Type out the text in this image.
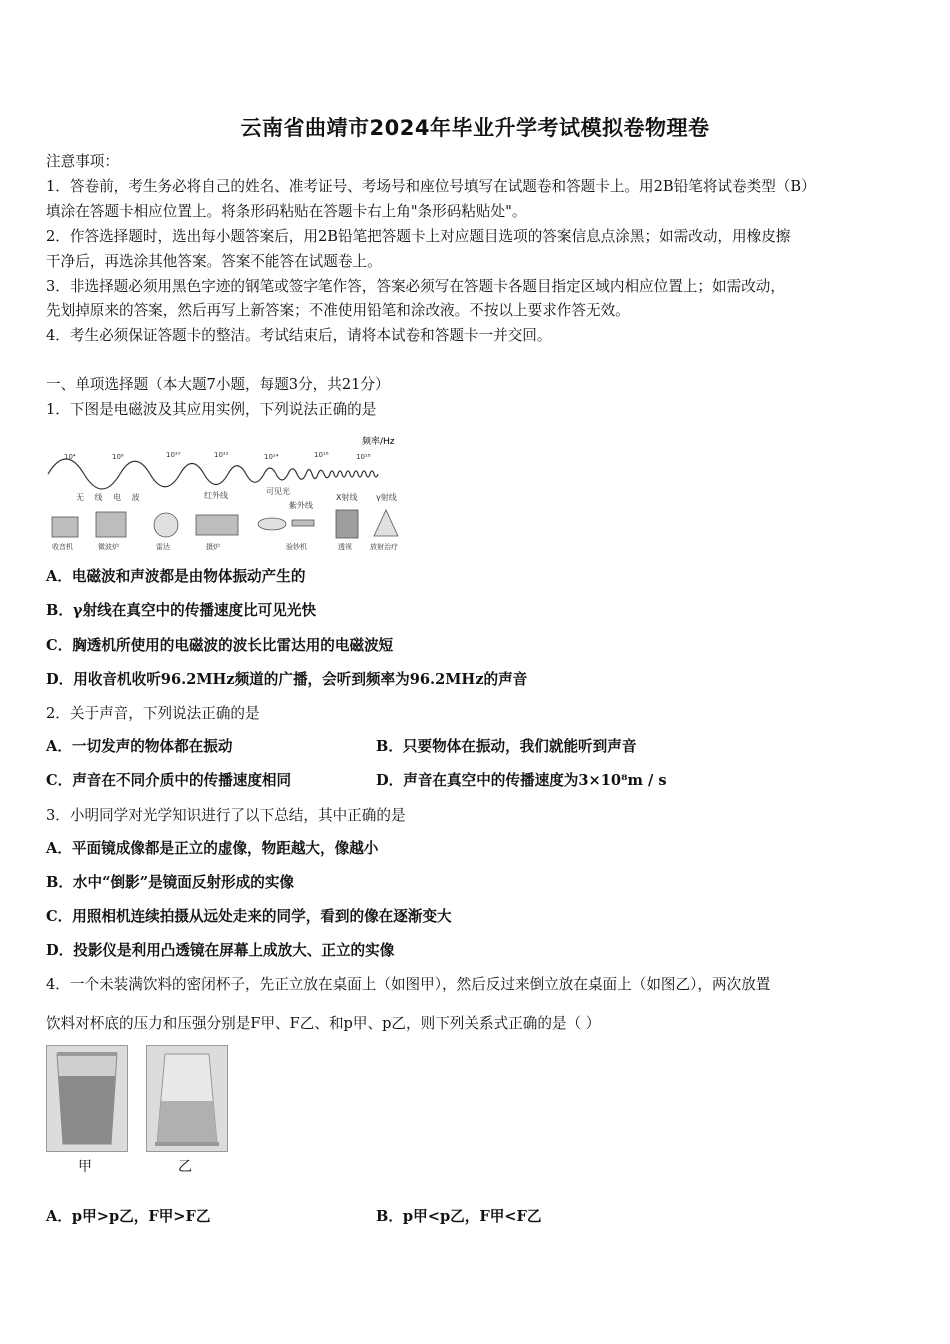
云南省曲靖市2024年毕业升学考试模拟卷物理卷
注意事项：
1．答卷前，考生务必将自己的姓名、准考证号、考场号和座位号填写在试题卷和答题卡上。用2B铅笔将试卷类型（B）
填涂在答题卡相应位置上。将条形码粘贴在答题卡右上角"条形码粘贴处"。
2．作答选择题时，选出每小题答案后，用2B铅笔把答题卡上对应题目选项的答案信息点涂黑；如需改动，用橡皮擦
干净后，再选涂其他答案。答案不能答在试题卷上。
3．非选择题必须用黑色字迹的钢笔或签字笔作答，答案必须写在答题卡各题目指定区域内相应位置上；如需改动，
先划掉原来的答案，然后再写上新答案；不准使用铅笔和涂改液。不按以上要求作答无效。
4．考生必须保证答题卡的整洁。考试结束后，请将本试卷和答题卡一并交回。
一、单项选择题（本大题7小题，每题3分，共21分）
1．下图是电磁波及其应用实例，下列说法正确的是
频率/Hz
10⁴	10⁶	10¹⁰	10¹²	10¹⁴	10¹⁶	10¹⁸
无 线 电 波	红外线	可见光
紫外线
X射线 γ射线
收音机	微波炉	雷达	摄炉	验钞机	透视	放射治疗
A．电磁波和声波都是由物体振动产生的
B．γ射线在真空中的传播速度比可见光快
C．胸透机所使用的电磁波的波长比雷达用的电磁波短
D．用收音机收听96.2MHz频道的广播，会听到频率为96.2MHz的声音
2．关于声音，下列说法正确的是
A．一切发声的物体都在振动	B．只要物体在振动，我们就能听到声音
C．声音在不同介质中的传播速度相同	D．声音在真空中的传播速度为3×10⁸m / s
3．小明同学对光学知识进行了以下总结，其中正确的是
A．平面镜成像都是正立的虚像，物距越大，像越小
B．水中“倒影”是镜面反射形成的实像
C．用照相机连续拍摄从远处走来的同学，看到的像在逐渐变大
D．投影仪是利用凸透镜在屏幕上成放大、正立的实像
4．一个未装满饮料的密闭杯子，先正立放在桌面上（如图甲），然后反过来倒立放在桌面上（如图乙），两次放置
饮料对杯底的压力和压强分别是F甲、F乙、和p甲、p乙，则下列关系式正确的是（ ）
甲	乙
A．p甲>p乙，F甲>F乙	B．p甲<p乙，F甲<F乙
